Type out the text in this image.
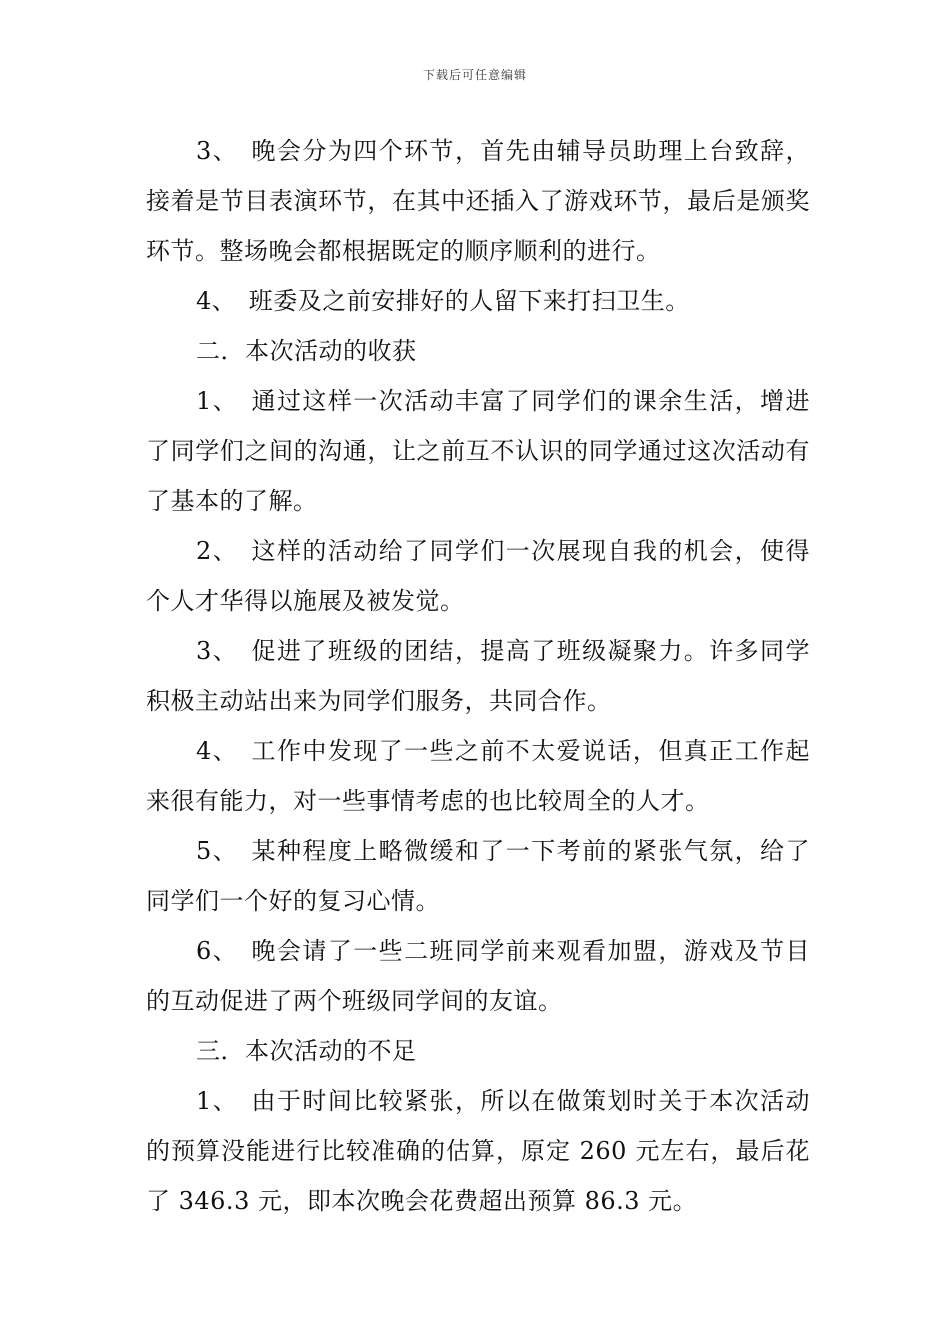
下载后可任意编辑

3、　晚会分为四个环节，首先由辅导员助理上台致辞，接着是节目表演环节，在其中还插入了游戏环节，最后是颁奖环节。整场晚会都根据既定的顺序顺利的进行。

4、　班委及之前安排好的人留下来打扫卫生。

二．本次活动的收获

1、　通过这样一次活动丰富了同学们的课余生活，增进了同学们之间的沟通，让之前互不认识的同学通过这次活动有了基本的了解。

2、　这样的活动给了同学们一次展现自我的机会，使得个人才华得以施展及被发觉。

3、　促进了班级的团结，提高了班级凝聚力。许多同学积极主动站出来为同学们服务，共同合作。

4、　工作中发现了一些之前不太爱说话，但真正工作起来很有能力，对一些事情考虑的也比较周全的人才。

5、　某种程度上略微缓和了一下考前的紧张气氛，给了同学们一个好的复习心情。

6、　晚会请了一些二班同学前来观看加盟，游戏及节目的互动促进了两个班级同学间的友谊。

三．本次活动的不足

1、　由于时间比较紧张，所以在做策划时关于本次活动的预算没能进行比较准确的估算，原定 260 元左右，最后花了 346.3 元，即本次晚会花费超出预算 86.3 元。
